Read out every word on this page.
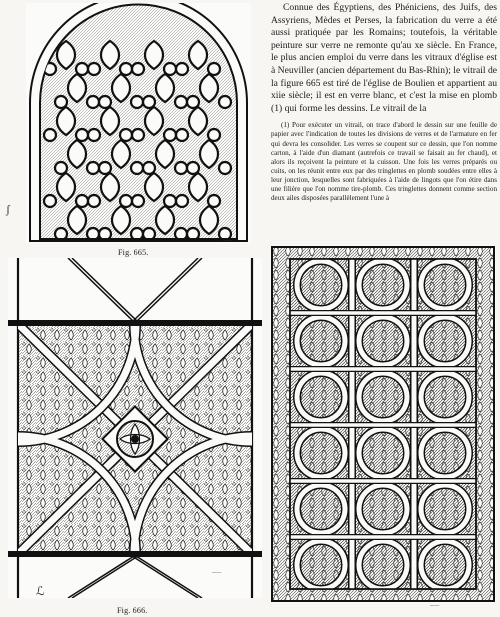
——
ʃ
Fig. 665.
——
ℒ
Fig. 666.

Connue des Égyptiens, des Phéniciens, des Juifs, des Assyriens, Mèdes et Perses, la fabrication du verre a été aussi pratiquée par les Romains; toutefois, la véritable peinture sur verre ne remonte qu'au xe siècle. En France, le plus ancien emploi du verre dans les vitraux d'église est à Neuviller (ancien département du Bas-Rhin); le vitrail de la figure 665 est tiré de l'église de Boulien et appartient au xiie siècle; il est en verre blanc, et c'est la mise en plomb (1) qui forme les dessins. Le vitrail de la

(1) Pour exécuter un vitrail, on trace d'abord le dessin sur une feuille de papier avec l'indication de toutes les divisions de verres et de l'armature en fer qui devra les consolider. Les verres se coupent sur ce dessin, que l'on nomme carton, à l'aide d'un diamant (autrefois ce travail se faisait au fer chaud), et alors ils reçoivent la peinture et la cuisson. Une fois les verres préparés ou cuits, on les réunit entre eux par des tringlettes en plomb soudées entre elles à leur jonction, lesquelles sont fabriquées à l'aide de lingots que l'on étire dans une filière que l'on nomme tire-plomb. Ces tringlettes donnent comme section deux ailes disposées parallèlement l'une à

——
